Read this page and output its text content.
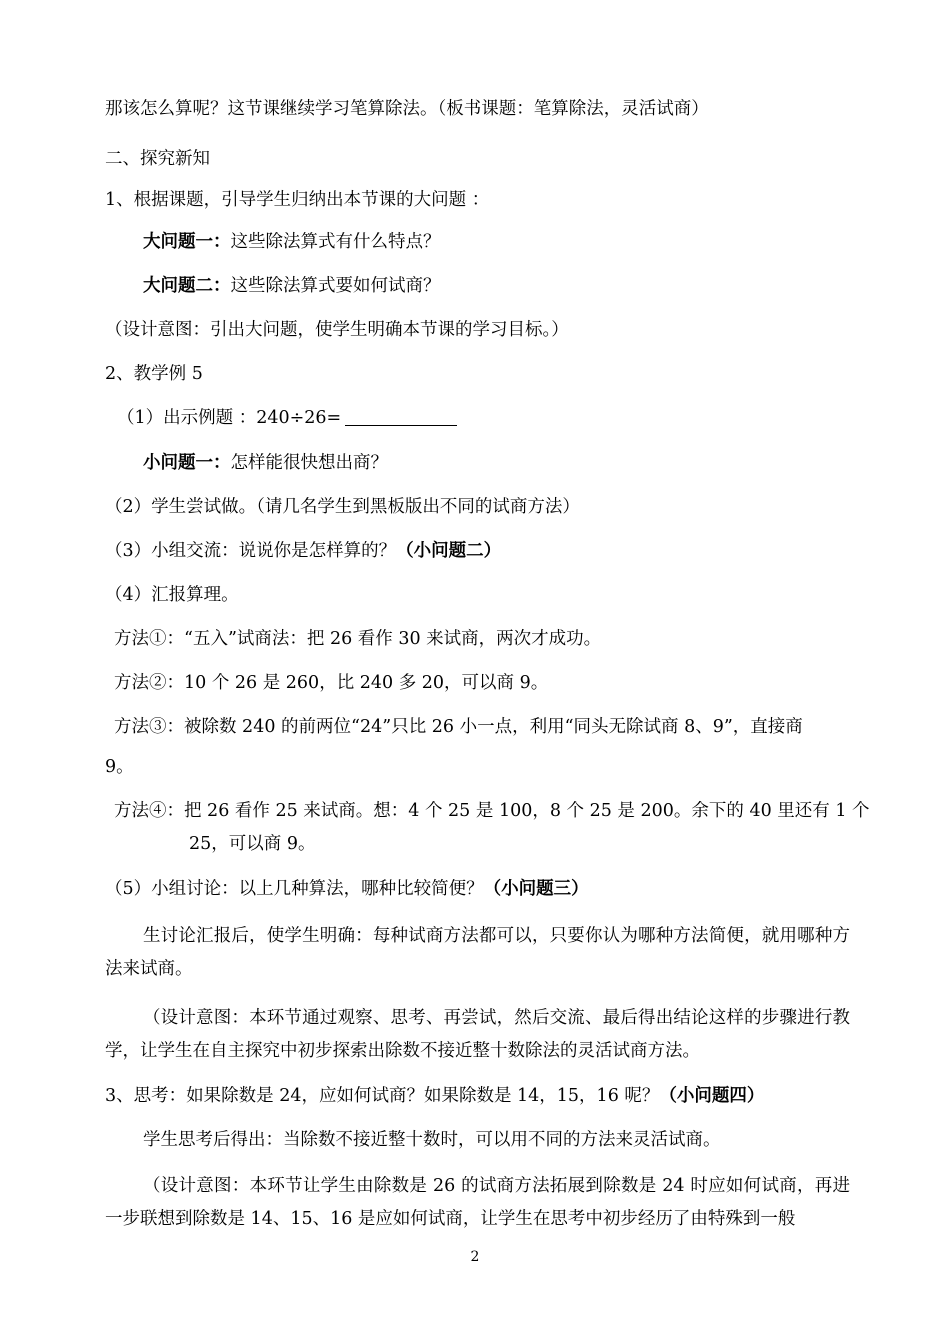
那该怎么算呢？这节课继续学习笔算除法。（板书课题：笔算除法，灵活试商）
二、探究新知
1、根据课题，引导学生归纳出本节课的大问题 ：
大问题一：这些除法算式有什么特点？
大问题二：这些除法算式要如何试商？
（设计意图：引出大问题，使学生明确本节课的学习目标。）
2、教学例 5
（1）出示例题 ：240÷26=
小问题一：怎样能很快想出商？
（2）学生尝试做。（请几名学生到黑板版出不同的试商方法）
（3）小组交流：说说你是怎样算的？（小问题二）
（4）汇报算理。
方法①：“五入”试商法：把 26 看作 30 来试商，两次才成功。
方法②：10 个 26 是 260，比 240 多 20，可以商 9。
方法③：被除数 240 的前两位“24”只比 26 小一点，利用“同头无除试商 8、9”，直接商
9。
方法④：把 26 看作 25 来试商。想：4 个 25 是 100，8 个 25 是 200。余下的 40 里还有 1 个
25，可以商 9。
（5）小组讨论：以上几种算法，哪种比较简便？（小问题三）
生讨论汇报后，使学生明确：每种试商方法都可以，只要你认为哪种方法简便，就用哪种方法来试商。
（设计意图：本环节通过观察、思考、再尝试，然后交流、最后得出结论这样的步骤进行教学，让学生在自主探究中初步探索出除数不接近整十数除法的灵活试商方法。
3、思考：如果除数是 24，应如何试商？如果除数是 14，15，16 呢？（小问题四）
学生思考后得出：当除数不接近整十数时，可以用不同的方法来灵活试商。
（设计意图：本环节让学生由除数是 26 的试商方法拓展到除数是 24 时应如何试商，再进一步联想到除数是 14、15、16 是应如何试商，让学生在思考中初步经历了由特殊到一般
2
